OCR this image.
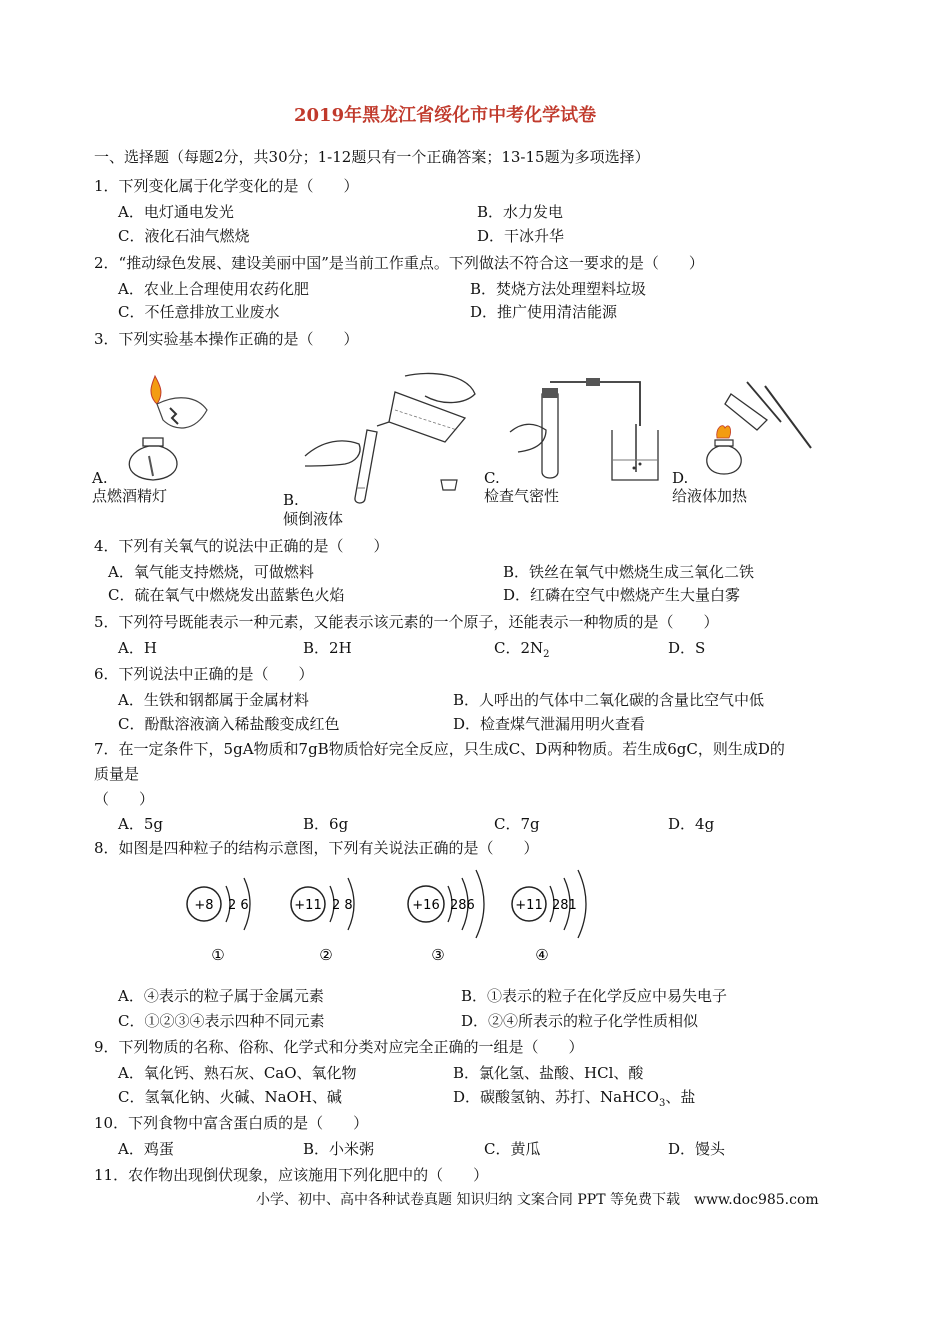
2019年黑龙江省绥化市中考化学试卷
一、选择题（每题2分，共30分；1-12题只有一个正确答案；13-15题为多项选择）
1．下列变化属于化学变化的是（　　）
A．电灯通电发光	B．水力发电
C．液化石油气燃烧	D．干冰升华
2．“推动绿色发展、建设美丽中国”是当前工作重点。下列做法不符合这一要求的是（　　）
A．农业上合理使用农药化肥	B．焚烧方法处理塑料垃圾
C．不任意排放工业废水	D．推广使用清洁能源
3．下列实验基本操作正确的是（　　）
A.
点燃酒精灯	B.
倾倒液体
C.
检查气密性
D.
给液体加热
4．下列有关氧气的说法中正确的是（　　）
A．氧气能支持燃烧，可做燃料	B．铁丝在氧气中燃烧生成三氧化二铁
C．硫在氧气中燃烧发出蓝紫色火焰	D．红磷在空气中燃烧产生大量白雾
5．下列符号既能表示一种元素，又能表示该元素的一个原子，还能表示一种物质的是（　　）
A．H	B．2H	C．$2N_2$	D．S
6．下列说法中正确的是（　　）
A．生铁和钢都属于金属材料	B．人呼出的气体中二氧化碳的含量比空气中低
C．酚酞溶液滴入稀盐酸变成红色	D．检查煤气泄漏用明火查看
7．在一定条件下，5gA物质和7gB物质恰好完全反应，只生成C、D两种物质。若生成6gC，则生成D的
质量是
（　　）
A．5g	B．6g	C．7g	D．4g
8．如图是四种粒子的结构示意图，下列有关说法正确的是（　　）
+8 2 6
①
+11 2 8
②
+16 286
③
+11 281
④
A．④表示的粒子属于金属元素	B．①表示的粒子在化学反应中易失电子
C．①②③④表示四种不同元素	D．②④所表示的粒子化学性质相似
9．下列物质的名称、俗称、化学式和分类对应完全正确的一组是（　　）
A．氧化钙、熟石灰、CaO、氧化物	B．氯化氢、盐酸、HCl、酸
C．氢氧化钠、火碱、NaOH、碱	D．碳酸氢钠、苏打、NaHCO$_3$、盐
10．下列食物中富含蛋白质的是（　　）
A．鸡蛋	B．小米粥	C．黄瓜	D．馒头
11．农作物出现倒伏现象，应该施用下列化肥中的（　　）
小学、初中、高中各种试卷真题 知识归纳 文案合同 PPT 等免费下载　www.doc985.com
